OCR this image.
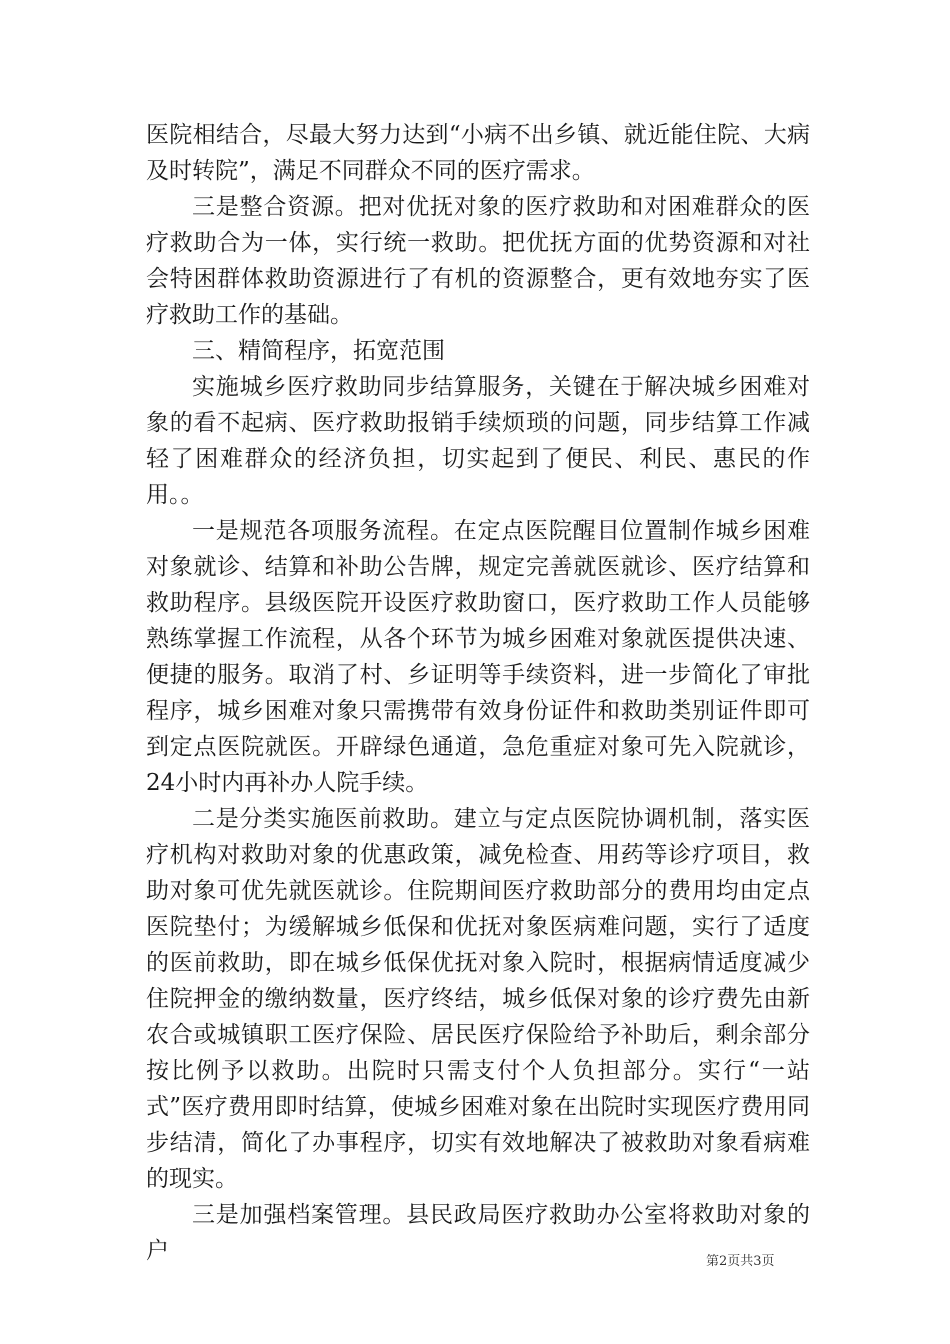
医院相结合，尽最大努力达到“小病不出乡镇、就近能住院、大病及时转院”，满足不同群众不同的医疗需求。

三是整合资源。把对优抚对象的医疗救助和对困难群众的医疗救助合为一体，实行统一救助。把优抚方面的优势资源和对社会特困群体救助资源进行了有机的资源整合，更有效地夯实了医疗救助工作的基础。

三、精简程序，拓宽范围

实施城乡医疗救助同步结算服务，关键在于解决城乡困难对象的看不起病、医疗救助报销手续烦琐的问题，同步结算工作减轻了困难群众的经济负担，切实起到了便民、利民、惠民的作用。。

一是规范各项服务流程。在定点医院醒目位置制作城乡困难对象就诊、结算和补助公告牌，规定完善就医就诊、医疗结算和救助程序。县级医院开设医疗救助窗口，医疗救助工作人员能够熟练掌握工作流程，从各个环节为城乡困难对象就医提供决速、便捷的服务。取消了村、乡证明等手续资料，进一步简化了审批程序，城乡困难对象只需携带有效身份证件和救助类别证件即可到定点医院就医。开辟绿色通道，急危重症对象可先入院就诊，24小时内再补办人院手续。

二是分类实施医前救助。建立与定点医院协调机制，落实医疗机构对救助对象的优惠政策，减免检查、用药等诊疗项目，救助对象可优先就医就诊。住院期间医疗救助部分的费用均由定点医院垫付；为缓解城乡低保和优抚对象医病难问题，实行了适度的医前救助，即在城乡低保优抚对象入院时，根据病情适度减少住院押金的缴纳数量，医疗终结，城乡低保对象的诊疗费先由新农合或城镇职工医疗保险、居民医疗保险给予补助后，剩余部分按比例予以救助。出院时只需支付个人负担部分。实行“一站式”医疗费用即时结算，使城乡困难对象在出院时实现医疗费用同步结清，简化了办事程序，切实有效地解决了被救助对象看病难的现实。

三是加强档案管理。县民政局医疗救助办公室将救助对象的户	第2页共3页
